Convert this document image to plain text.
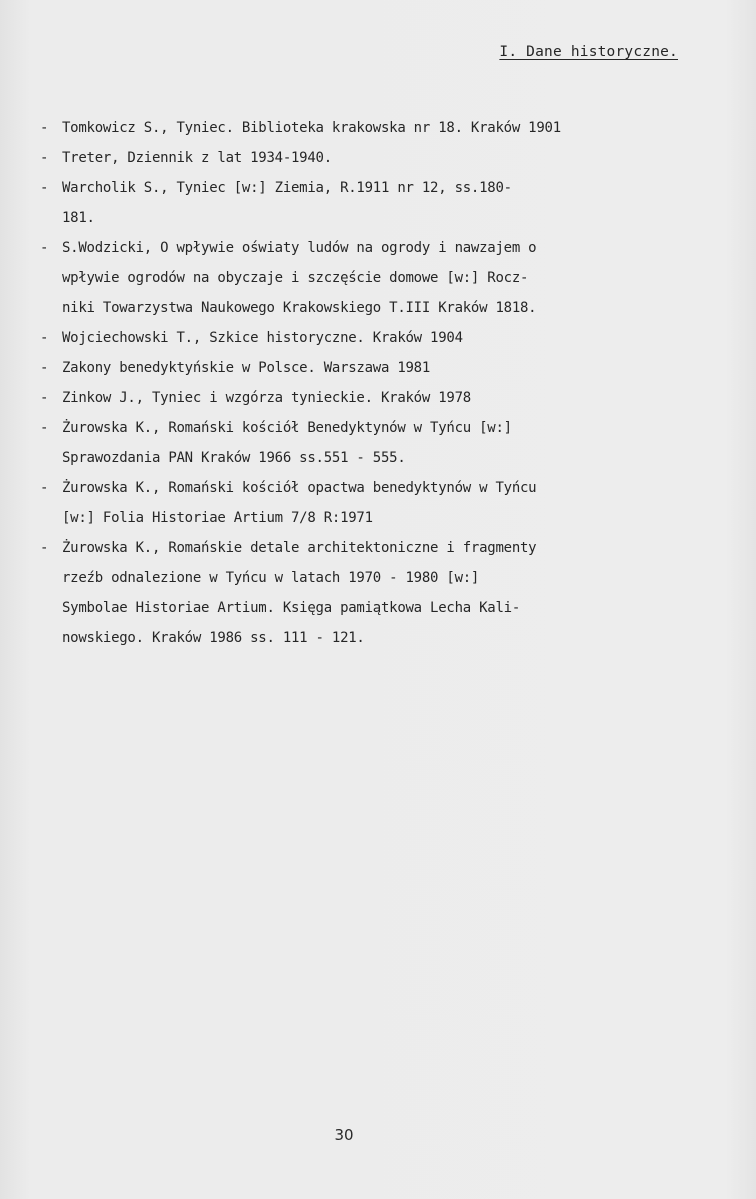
I. Dane historyczne.
- Tomkowicz S., Tyniec. Biblioteka krakowska nr 18. Kraków 1901
- Treter, Dziennik z lat 1934-1940.
- Warcholik S., Tyniec [w:] Ziemia, R.1911 nr 12, ss.180-
181.
- S.Wodzicki, O wpływie oświaty ludów na ogrody i nawzajem o
wpływie ogrodów na obyczaje i szczęście domowe [w:] Rocz-
niki Towarzystwa Naukowego Krakowskiego T.III Kraków 1818.
- Wojciechowski T., Szkice historyczne. Kraków 1904
- Zakony benedyktyńskie w Polsce. Warszawa 1981
- Zinkow J., Tyniec i wzgórza tynieckie. Kraków 1978
- Żurowska K., Romański kościół Benedyktynów w Tyńcu [w:]
Sprawozdania PAN Kraków 1966 ss.551 - 555.
- Żurowska K., Romański kościół opactwa benedyktynów w Tyńcu
[w:] Folia Historiae Artium 7/8 R:1971
- Żurowska K., Romańskie detale architektoniczne i fragmenty
rzeźb odnalezione w Tyńcu w latach 1970 - 1980 [w:]
Symbolae Historiae Artium. Księga pamiątkowa Lecha Kali-
nowskiego. Kraków 1986 ss. 111 - 121.
30
